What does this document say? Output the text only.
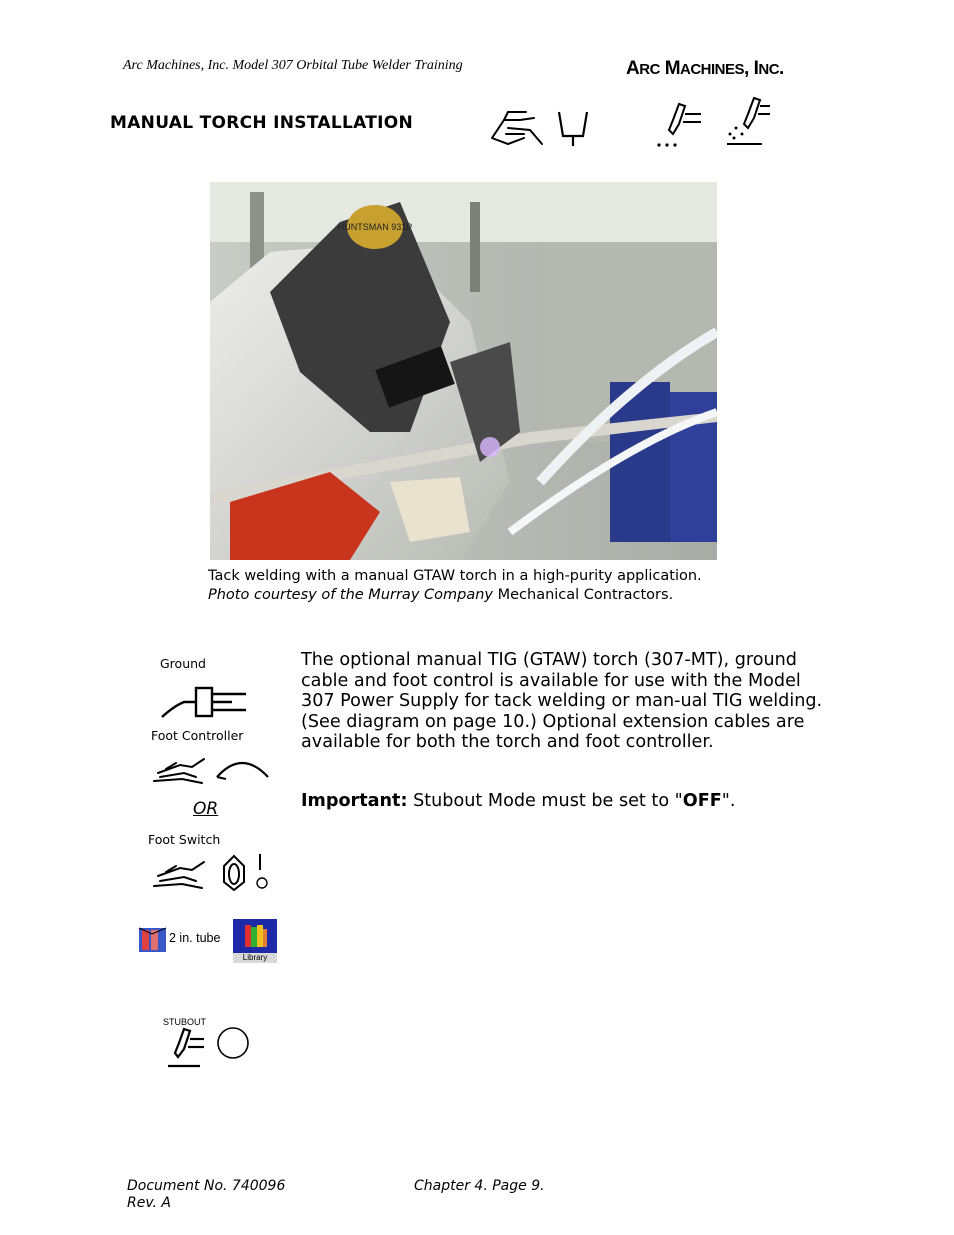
Arc Machines, Inc. Model 307 Orbital Tube Welder Training	ARC MACHINES, INC.
MANUAL TORCH INSTALLATION
HUNTSMAN 931P
Tack welding with a manual GTAW torch in a high-purity application. Photo courtesy of the Murray Company Mechanical Contractors.
Ground
Foot Controller
OR
Foot Switch
2 in. tube
Library
STUBOUT
The optional manual TIG (GTAW) torch (307-MT), ground cable and foot control is available for use with the Model 307 Power Supply for tack welding or man-ual TIG welding. (See diagram on page 10.) Optional extension cables are available for both the torch and foot controller.
Important: Stubout Mode must be set to "OFF".
Document No. 740096
Rev. A
Chapter 4. Page 9.
